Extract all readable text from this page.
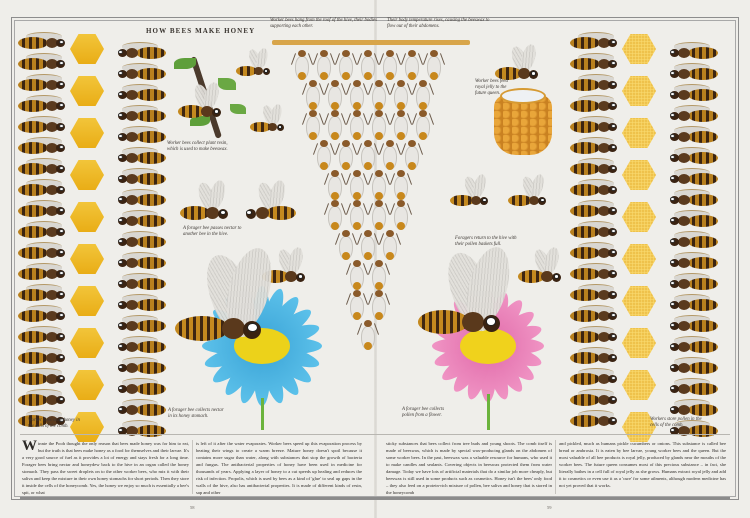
HOW BEES MAKE HONEY
Worker bees hang from the roof of the hive, their bodies supporting each other.
Their body temperature rises, causing the beeswax to flow out of their abdomens.
Worker bees collect plant resin, which is used to make beeswax.
Worker bees feed royal jelly to the future queen.
A forager bee passes nectar to another bee in the hive.
Foragers return to the hive with their pollen baskets full.
A forager bee collects nectar in its honey stomach.
A forager bee collects pollen from a flower.
Worker bees store honey in the cells of the comb.
Workers store pollen in the cells of the comb.
Winnie the Pooh thought the only reason that bees made honey was for him to eat, but the truth is that bees make honey as a food for themselves and their larvae. It's a very good source of fuel as it provides a lot of energy and stays fresh for a long time. Forager bees bring nectar and honeydew back to the hive in an organ called the honey stomach. They pass the sweet droplets on to the other worker bees, who mix it with their saliva and keep the mixture in their own honey stomachs for short periods. Then they store it inside the cells of the honeycomb. Yes, the honey we enjoy so much is essentially a bee's spit, or what
is left of it after the water evaporates. Worker bees speed up this evaporation process by beating their wings to create a warm breeze. Mature honey doesn't spoil because it contains more sugar than water, along with substances that stop the growth of bacteria and fungus. The antibacterial properties of honey have been used in medicine for thousands of years. Applying a layer of honey to a cut speeds up healing and reduces the risk of infection. Propolis, which is used by bees as a kind of 'glue' to seal up gaps in the walls of the hive, also has antibacterial properties. It is made of different kinds of resin, sap and other
sticky substances that bees collect from tree buds and young shoots. The comb itself is made of beeswax, which is made by special wax-producing glands on the abdomen of some worker bees. In the past, beeswax was a valuable resource for humans, who used it to make candles and sealants. Covering objects in beeswax protected them from water damage. Today we have lots of artificial materials that do a similar job more cheaply, but beeswax is still used in some products such as cosmetics. Honey isn't the bees' only food – they also feed on a protein-rich mixture of pollen, bee saliva and honey that is stored in the honeycomb
and pickled, much as humans pickle cucumbers or onions. This substance is called bee bread or ambrosia. It is eaten by bee larvae, young worker bees and the queen. But the most valuable of all bee products is royal jelly, produced by glands near the mouths of the worker bees. The future queen consumes most of this precious substance – in fact, she literally bathes in a cell full of royal jelly as she grows. Humans extract royal jelly and add it to cosmetics or even use it as a 'cure' for some ailments, although modern medicine has not yet proved that it works.
58	59
